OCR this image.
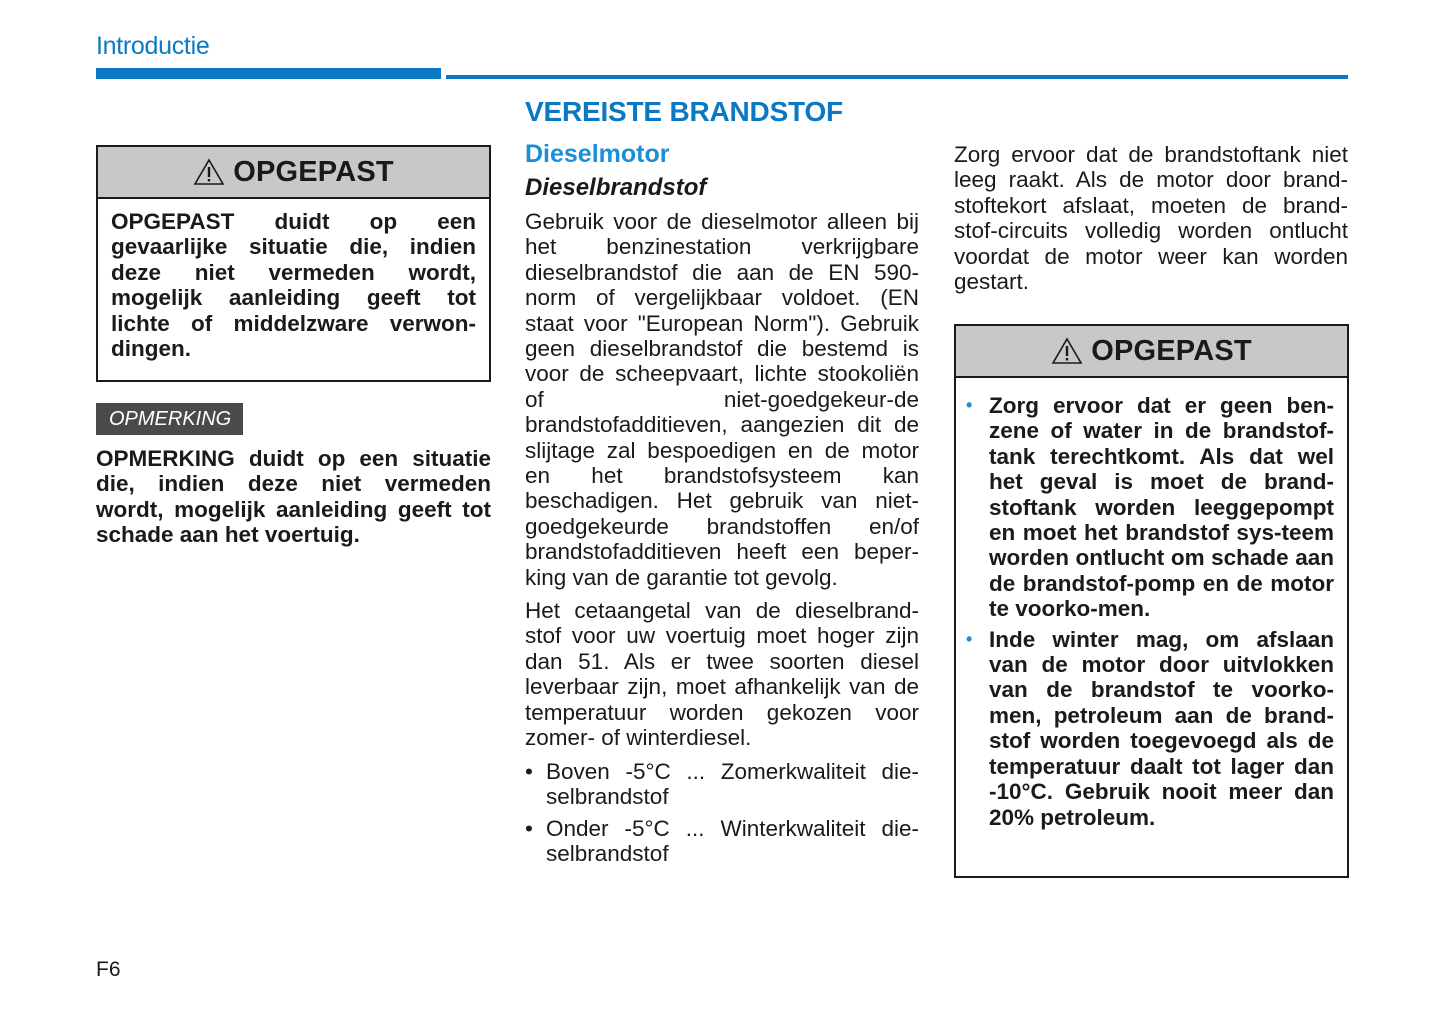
Introductie
OPGEPAST
OPGEPAST duidt op een gevaarlijke situatie die, indien deze niet vermeden wordt, mogelijk aanleiding geeft tot lichte of middelzware verwon-dingen.
OPMERKING
OPMERKING duidt op een situatie die, indien deze niet vermeden wordt, mogelijk aanleiding geeft tot schade aan het voertuig.
VEREISTE BRANDSTOF
Dieselmotor
Dieselbrandstof
Gebruik voor de dieselmotor alleen bij het benzinestation verkrijgbare dieselbrandstof die aan de EN 590-norm of vergelijkbaar voldoet. (EN staat voor "European Norm"). Gebruik geen dieselbrandstof die bestemd is voor de scheepvaart, lichte stookoliën of niet-goedgekeur-de brandstofadditieven, aangezien dit de slijtage zal bespoedigen en de motor en het brandstofsysteem kan beschadigen. Het gebruik van niet-goedgekeurde brandstoffen en/of brandstofadditieven heeft een beper-king van de garantie tot gevolg.
Het cetaangetal van de dieselbrand-stof voor uw voertuig moet hoger zijn dan 51. Als er twee soorten diesel leverbaar zijn, moet afhankelijk van de temperatuur worden gekozen voor zomer- of winterdiesel.
• Boven -5°C ... Zomerkwaliteit die-selbrandstof
• Onder -5°C ... Winterkwaliteit die-selbrandstof
Zorg ervoor dat de brandstoftank niet leeg raakt. Als de motor door brand-stoftekort afslaat, moeten de brand-stof-circuits volledig worden ontlucht voordat de motor weer kan worden gestart.
OPGEPAST
• Zorg ervoor dat er geen ben-zene of water in de brandstof-tank terechtkomt. Als dat wel het geval is moet de brand-stoftank worden leeggepompt en moet het brandstof sys-teem worden ontlucht om schade aan de brandstof-pomp en de motor te voorko-men.
• Inde winter mag, om afslaan van de motor door uitvlokken van de brandstof te voorko-men, petroleum aan de brand-stof worden toegevoegd als de temperatuur daalt tot lager dan -10°C. Gebruik nooit meer dan 20% petroleum.
F6
